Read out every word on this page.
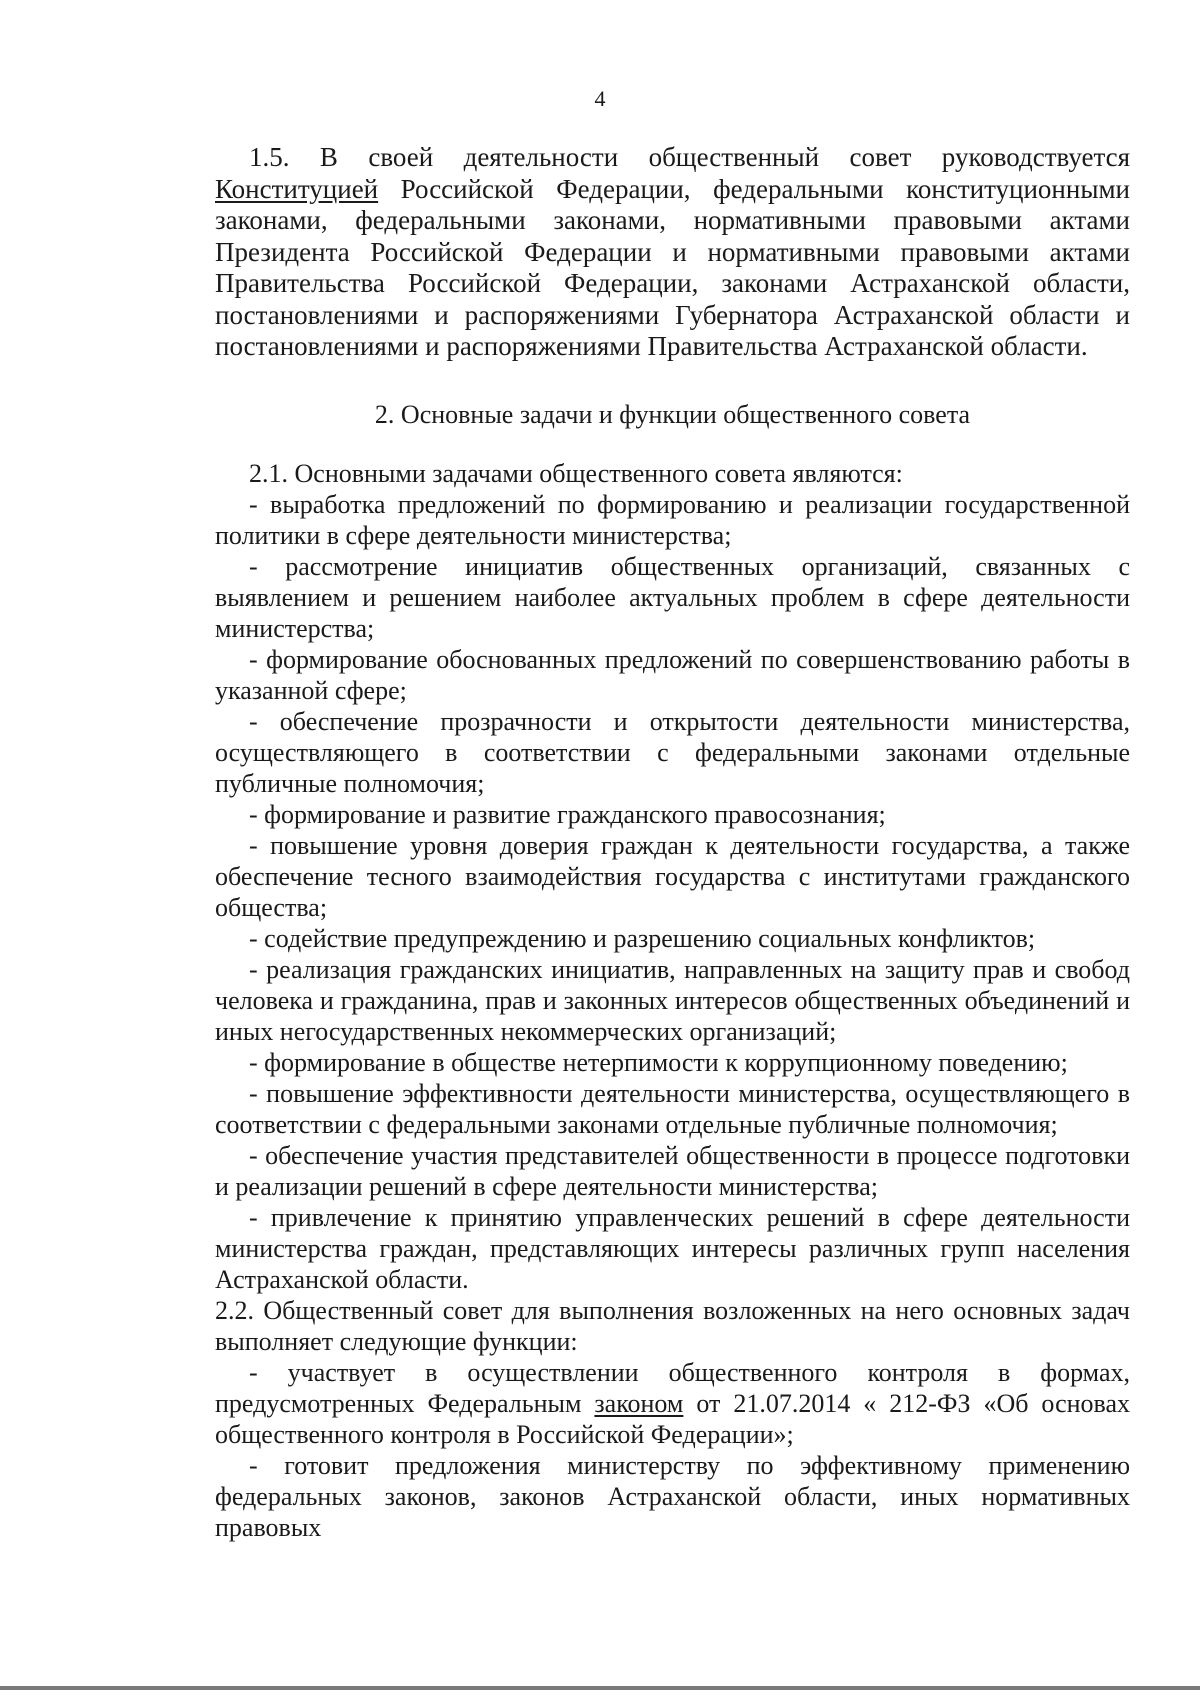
4

1.5. В своей деятельности общественный совет руководствуется Конституцией Российской Федерации, федеральными конституционными законами, федеральными законами, нормативными правовыми актами Президента Российской Федерации и нормативными правовыми актами Правительства Российской Федерации, законами Астраханской области, постановлениями и распоряжениями Губернатора Астраханской области и постановлениями и распоряжениями Правительства Астраханской области.

2. Основные задачи и функции общественного совета

2.1. Основными задачами общественного совета являются:

- выработка предложений по формированию и реализации государственной политики в сфере деятельности министерства;

- рассмотрение инициатив общественных организаций, связанных с выявлением и решением наиболее актуальных проблем в сфере деятельности министерства;

- формирование обоснованных предложений по совершенствованию работы в указанной сфере;

- обеспечение прозрачности и открытости деятельности министерства, осуществляющего в соответствии с федеральными законами отдельные публичные полномочия;

- формирование и развитие гражданского правосознания;

- повышение уровня доверия граждан к деятельности государства, а также обеспечение тесного взаимодействия государства с институтами гражданского общества;

- содействие предупреждению и разрешению социальных конфликтов;

- реализация гражданских инициатив, направленных на защиту прав и свобод человека и гражданина, прав и законных интересов общественных объединений и иных негосударственных некоммерческих организаций;

- формирование в обществе нетерпимости к коррупционному поведению;

- повышение эффективности деятельности министерства, осуществляющего в соответствии с федеральными законами отдельные публичные полномочия;

- обеспечение участия представителей общественности в процессе подготовки и реализации решений в сфере деятельности министерства;

- привлечение к принятию управленческих решений в сфере деятельности министерства граждан, представляющих интересы различных групп населения Астраханской области.

2.2. Общественный совет для выполнения возложенных на него основных задач выполняет следующие функции:

- участвует в осуществлении общественного контроля в формах, предусмотренных Федеральным законом от 21.07.2014 « 212-ФЗ «Об основах общественного контроля в Российской Федерации»;

- готовит предложения министерству по эффективному применению федеральных законов, законов Астраханской области, иных нормативных правовых
